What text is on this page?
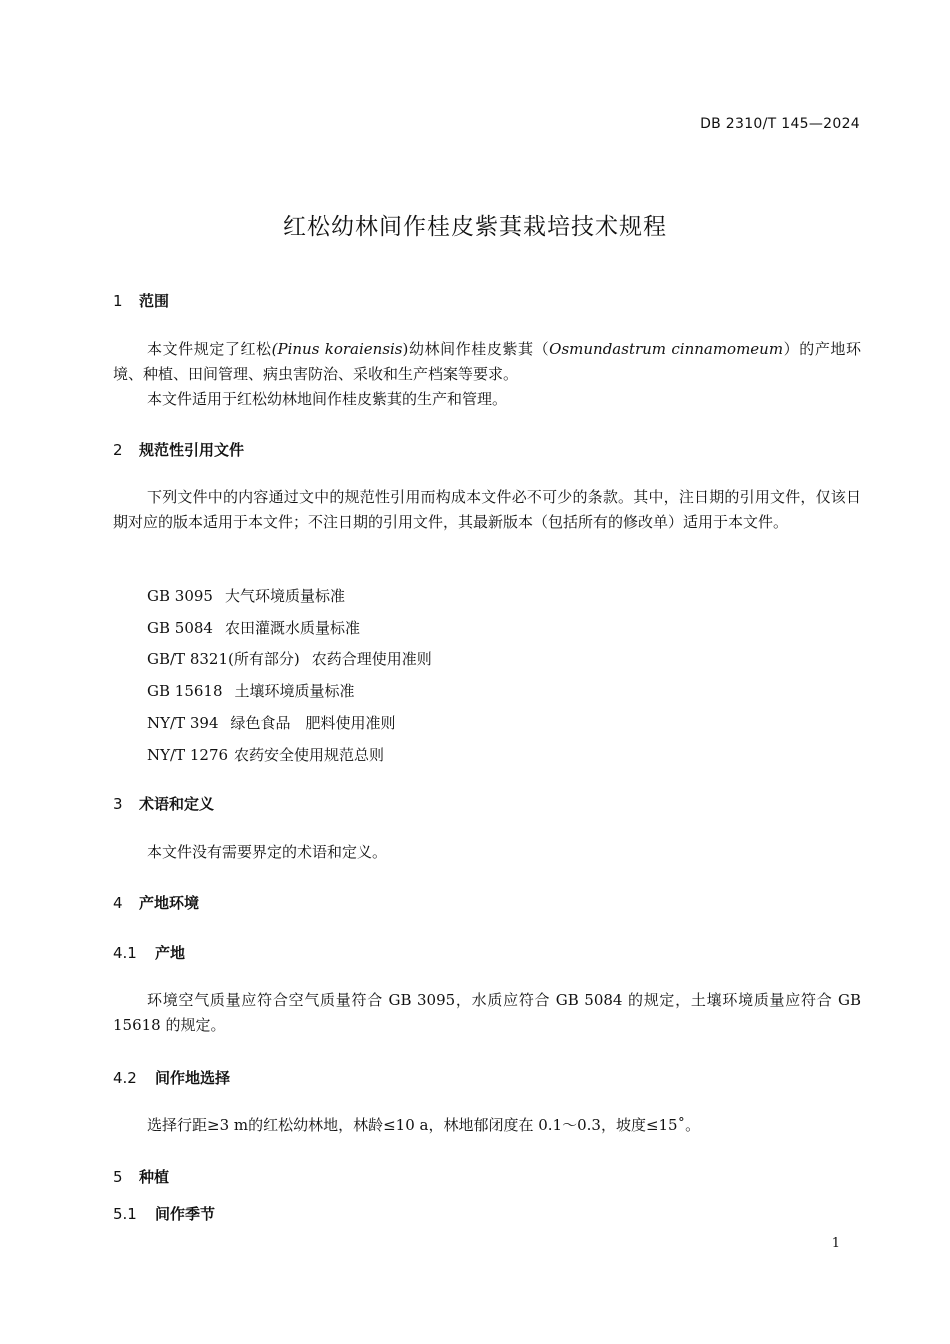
DB 2310/T 145—2024
红松幼林间作桂皮紫萁栽培技术规程
1 范围
本文件规定了红松(Pinus koraiensis)幼林间作桂皮紫萁（Osmundastrum cinnamomeum）的产地环境、种植、田间管理、病虫害防治、采收和生产档案等要求。
本文件适用于红松幼林地间作桂皮紫萁的生产和管理。
2 规范性引用文件
下列文件中的内容通过文中的规范性引用而构成本文件必不可少的条款。其中，注日期的引用文件，仅该日期对应的版本适用于本文件；不注日期的引用文件，其最新版本（包括所有的修改单）适用于本文件。
GB 3095 大气环境质量标准
GB 5084 农田灌溉水质量标准
GB/T 8321(所有部分) 农药合理使用准则
GB 15618 土壤环境质量标准
NY/T 394 绿色食品　肥料使用准则
NY/T 1276 农药安全使用规范总则
3 术语和定义
本文件没有需要界定的术语和定义。
4 产地环境
4.1 产地
环境空气质量应符合空气质量符合 GB 3095，水质应符合 GB 5084 的规定，土壤环境质量应符合 GB 15618 的规定。
4.2 间作地选择
选择行距≥3 m的红松幼林地，林龄≤10 a，林地郁闭度在 0.1～0.3，坡度≤15˚。
5 种植
5.1 间作季节
1
